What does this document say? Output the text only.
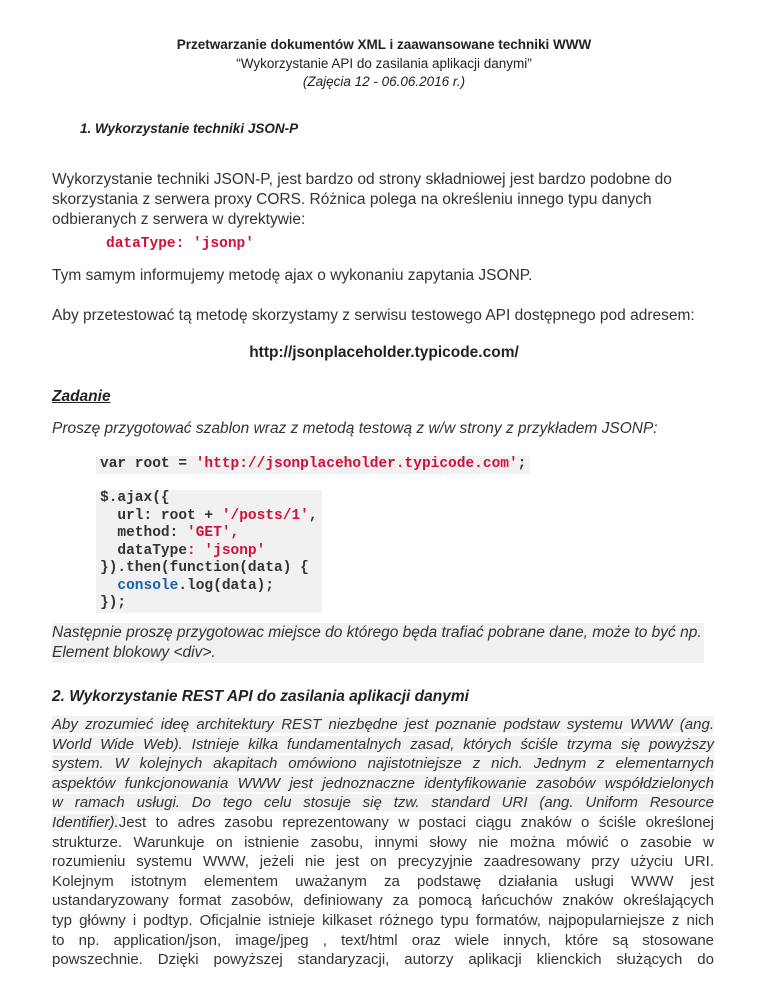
Przetwarzanie dokumentów XML i zaawansowane techniki WWW
“Wykorzystanie API do zasilania aplikacji danymi”
(Zajęcia 12 - 06.06.2016 r.)
1. Wykorzystanie techniki JSON-P
Wykorzystanie techniki JSON-P, jest bardzo od strony składniowej jest bardzo podobne do
skorzystania z serwera proxy CORS. Różnica polega na określeniu innego typu danych
odbieranych z serwera w dyrektywie:
dataType: 'jsonp'
Tym samym informujemy metodę ajax o wykonaniu zapytania JSONP.
Aby przetestować tą metodę skorzystamy z serwisu testowego API dostępnego pod adresem:
http://jsonplaceholder.typicode.com/
Zadanie
Proszę przygotować szablon wraz z metodą testową z w/w strony z przykładem JSONP:
var root = 'http://jsonplaceholder.typicode.com';
$.ajax({
url: root + '/posts/1',
method: 'GET',
dataType: 'jsonp'
}).then(function(data) {
console.log(data);
});
Następnie proszę przygotowac miejsce do którego będa trafiać pobrane dane, może to być np.
Element blokowy <div>.
2. Wykorzystanie REST API do zasilania aplikacji danymi
Aby zrozumieć ideę architektury REST niezbędne jest poznanie podstaw systemu WWW (ang.
World Wide Web). Istnieje kilka fundamentalnych zasad, których ściśle trzyma się powyższy
system. W kolejnych akapitach omówiono najistotniejsze z nich. Jednym z elementarnych
aspektów funkcjonowania WWW jest jednoznaczne identyfikowanie zasobów współdzielonych
w ramach usługi. Do tego celu stosuje się tzw. standard URI (ang. Uniform Resource
Identifier).Jest to adres zasobu reprezentowany w postaci ciągu znaków o ściśle określonej
strukturze. Warunkuje on istnienie zasobu, innymi słowy nie można mówić o zasobie w
rozumieniu systemu WWW, jeżeli nie jest on precyzyjnie zaadresowany przy użyciu URI.
Kolejnym istotnym elementem uważanym za podstawę działania usługi WWW jest
ustandaryzowany format zasobów, definiowany za pomocą łańcuchów znaków określających
typ główny i podtyp. Oficjalnie istnieje kilkaset różnego typu formatów, najpopularniejsze z nich
to np. application/json, image/jpeg , text/html oraz wiele innych, które są stosowane
powszechnie. Dzięki powyższej standaryzacji, autorzy aplikacji klienckich służących do
